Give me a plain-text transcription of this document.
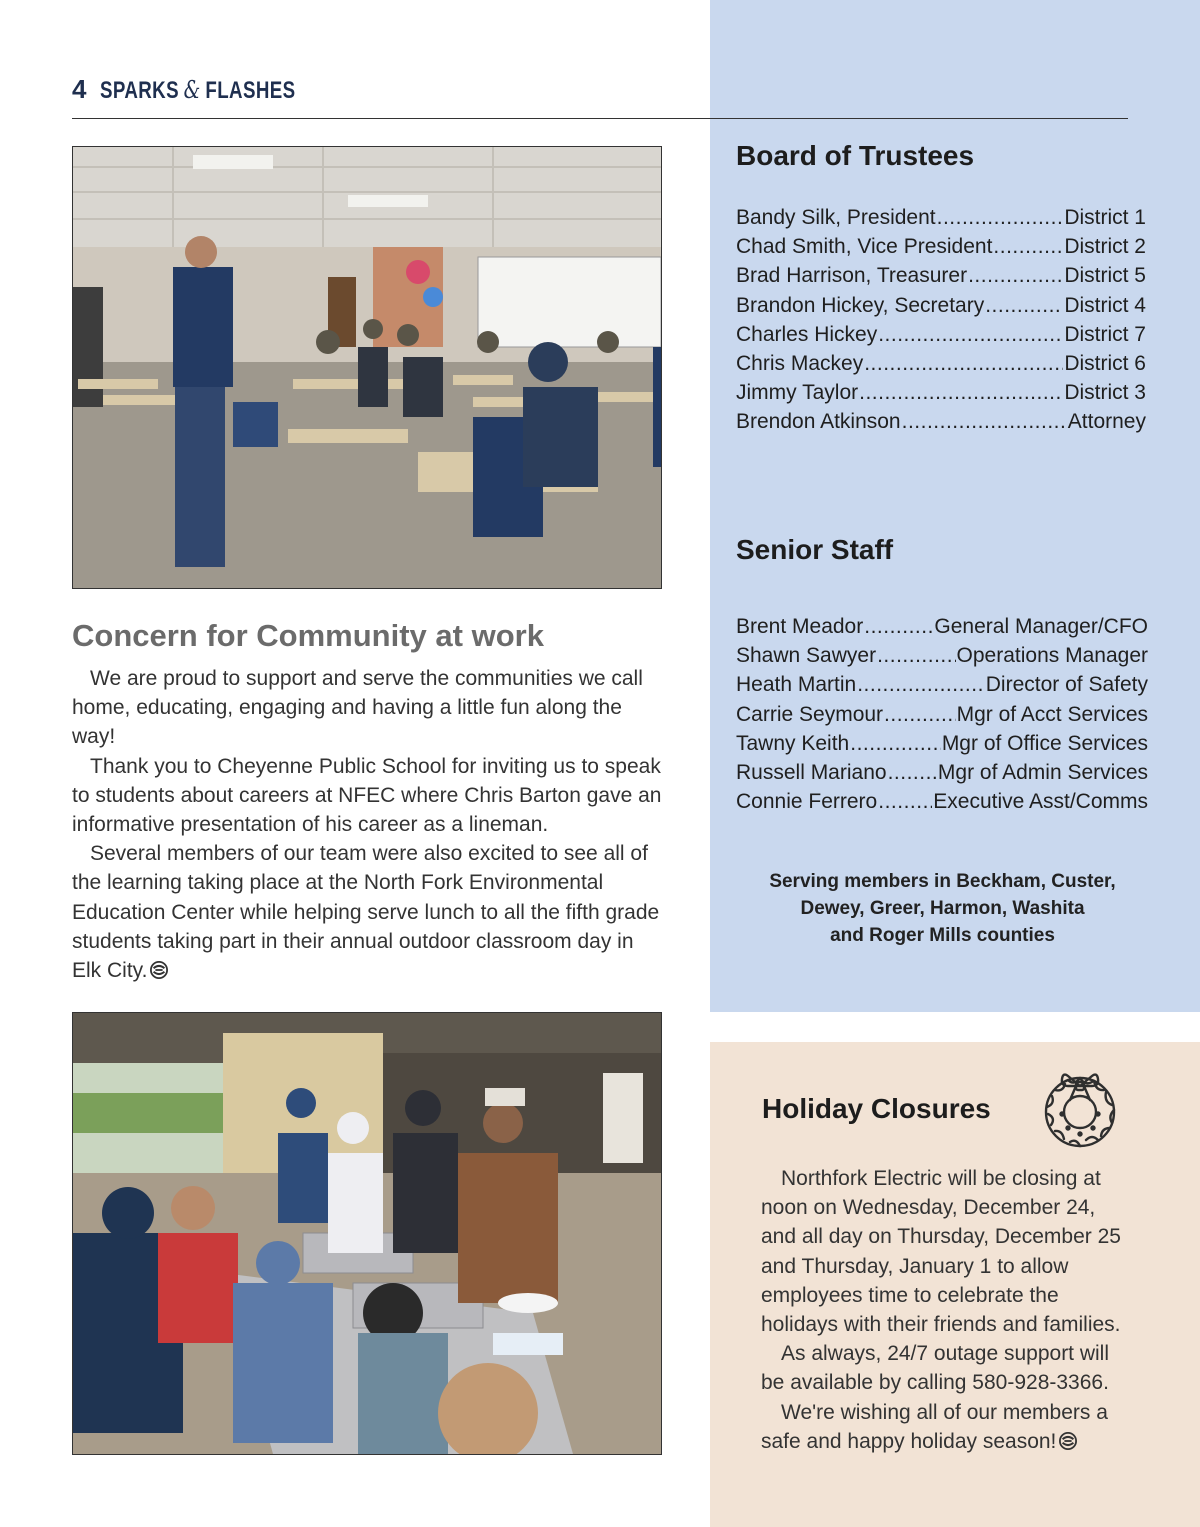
4 SPARKS & FLASHES
Concern for Community at work

We are proud to support and serve the communities we call home, educating, engaging and having a little fun along the way!

Thank you to Cheyenne Public School for inviting us to speak to students about careers at NFEC where Chris Barton gave an informative presentation of his career as a lineman.

Several members of our team were also excited to see all of the learning taking place at the North Fork Environmental Education Center while helping serve lunch to all the fifth grade students taking part in their annual outdoor classroom day in Elk City.

Board of Trustees
Bandy Silk, President .....	District 1
Chad Smith, Vice President .....	District 2
Brad Harrison, Treasurer .....	District 5
Brandon Hickey, Secretary .....	District 4
Charles Hickey .....	District 7
Chris Mackey .....	District 6
Jimmy Taylor .....	District 3
Brendon Atkinson .....	Attorney
Senior Staff
Brent Meador .....	General Manager/CFO
Shawn Sawyer .....	Operations Manager
Heath Martin .....	Director of Safety
Carrie Seymour .....	Mgr of Acct Services
Tawny Keith .....	Mgr of Office Services
Russell Mariano ..... Mgr of Admin Services
Connie Ferrero .....	Executive Asst/Comms
Serving members in Beckham, Custer,
Dewey, Greer, Harmon, Washita
and Roger Mills counties
Holiday Closures

Northfork Electric will be closing at noon on Wednesday, December 24, and all day on Thursday, December 25 and Thursday, January 1 to allow employees time to celebrate the holidays with their friends and families.

As always, 24/7 outage support will be available by calling 580-928-3366.

We're wishing all of our members a safe and happy holiday season!
